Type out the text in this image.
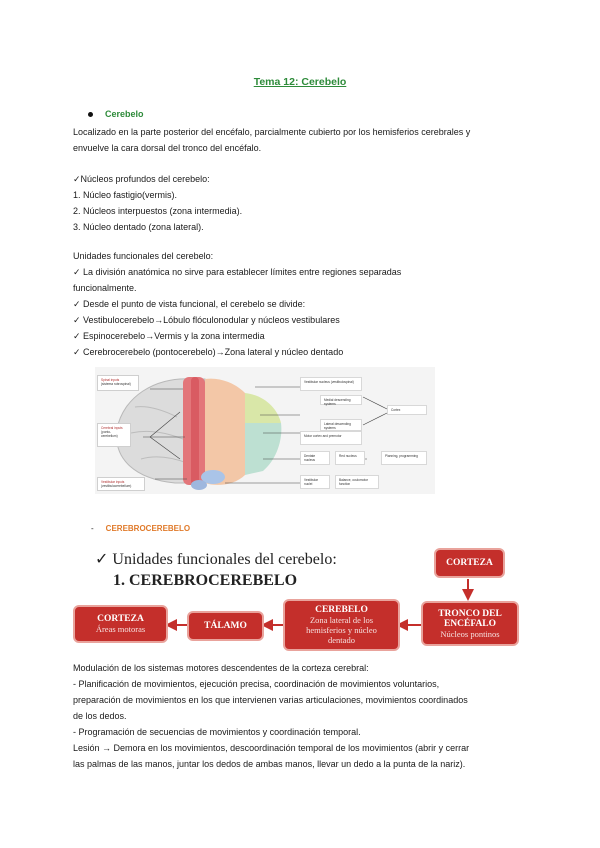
Tema 12: Cerebelo
Cerebelo
Localizado en la parte posterior del encéfalo, parcialmente cubierto por los hemisferios cerebrales y
envuelve la cara dorsal del tronco del encéfalo.
✓Núcleos profundos del cerebelo:
1. Núcleo fastigio(vermis).
2. Núcleos interpuestos (zona intermedia).
3. Núcleo dentado (zona lateral).
Unidades funcionales del cerebelo:
✓ La división anatómica no sirve para establecer límites entre regiones separadas
funcionalmente.
✓ Desde el punto de vista funcional, el cerebelo se divide:
✓ Vestibulocerebelo→Lóbulo flóculonodular y núcleos vestibulares
✓ Espinocerebelo→Vermis y la zona intermedia
✓ Cerebrocerebelo (pontocerebelo)→Zona lateral y núcleo dentado
Spinal inputs
(sistema rubrospinal)
Cerebral inputs
(ponto-cerebellum)
Vestibular inputs
(vestibulocerebellum)
Vestibular nucleus (vestibulospinal)
Medial descending systems
Lateral descending systems
Cortex
Motor cortex and premotor
Dentate nucleus
Red nucleus	Planning, programming
Vestibular nuclei
Balance, oculomotor function
- CEREBROCEREBELO
✓ Unidades funcionales del cerebelo:
1. CEREBROCEREBELO
CORTEZA
TRONCO DEL
ENCÉFALO
Núcleos pontinos
CEREBELO
Zona lateral de los
hemisferios y núcleo
dentado
TÁLAMO
CORTEZA
Áreas motoras
Modulación de los sistemas motores descendentes de la corteza cerebral:
- Planificación de movimientos, ejecución precisa, coordinación de movimientos voluntarios,
preparación de movimientos en los que intervienen varias articulaciones, movimientos coordinados
de los dedos.
- Programación de secuencias de movimientos y coordinación temporal.
Lesión → Demora en los movimientos, descoordinación temporal de los movimientos (abrir y cerrar
las palmas de las manos, juntar los dedos de ambas manos, llevar un dedo a la punta de la nariz).
